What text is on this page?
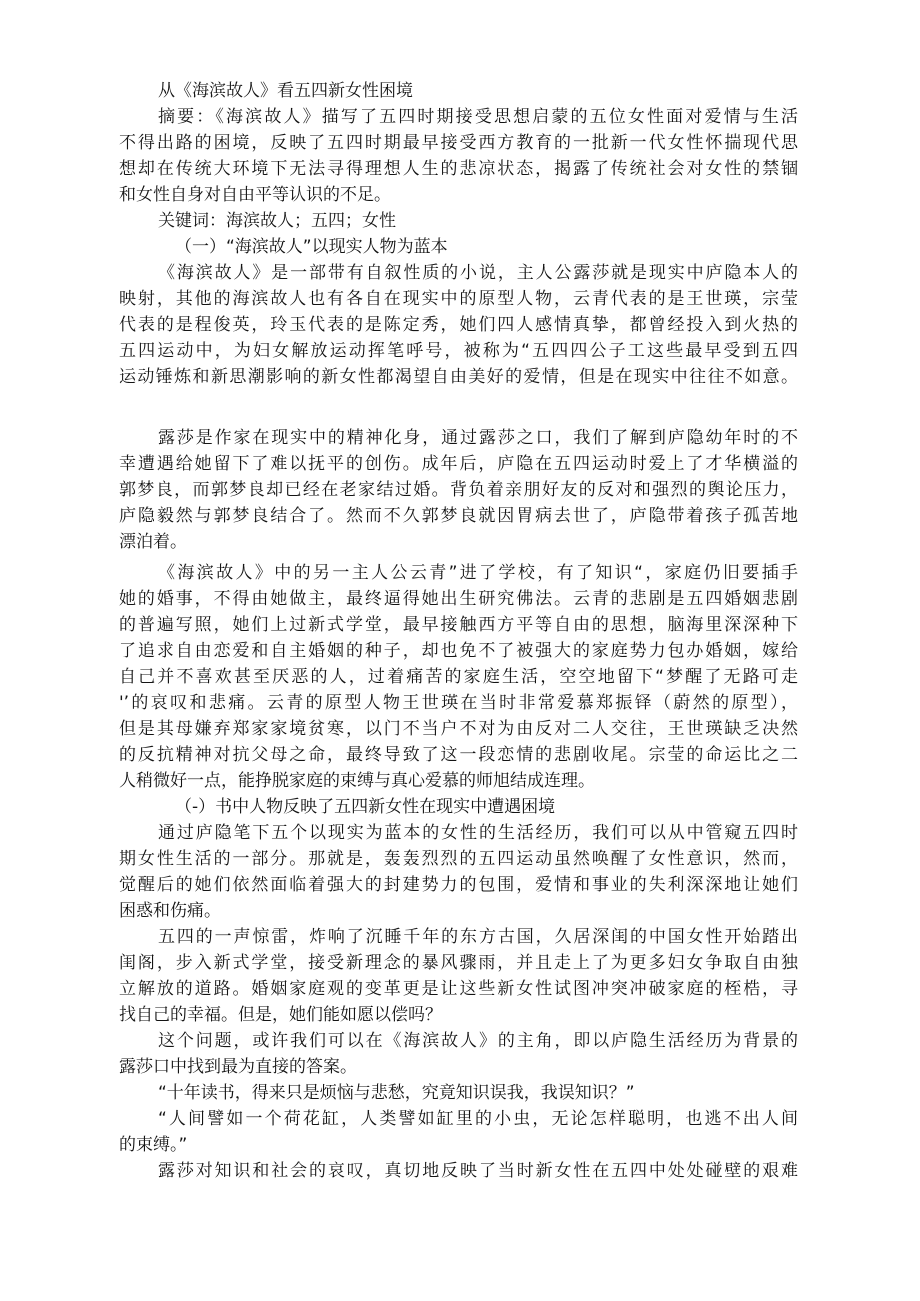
从《海滨故人》看五四新女性困境
摘要：《海滨故人》描写了五四时期接受思想启蒙的五位女性面对爱情与生活
不得出路的困境，反映了五四时期最早接受西方教育的一批新一代女性怀揣现代思
想却在传统大环境下无法寻得理想人生的悲凉状态，揭露了传统社会对女性的禁锢
和女性自身对自由平等认识的不足。
关键词：海滨故人；五四；女性
（一）“海滨故人”以现实人物为蓝本
《海滨故人》是一部带有自叙性质的小说，主人公露莎就是现实中庐隐本人的
映射，其他的海滨故人也有各自在现实中的原型人物，云青代表的是王世瑛，宗莹
代表的是程俊英，玲玉代表的是陈定秀，她们四人感情真挚，都曾经投入到火热的
五四运动中，为妇女解放运动挥笔呼号，被称为“五四四公子工这些最早受到五四
运动锤炼和新思潮影响的新女性都渴望自由美好的爱情，但是在现实中往往不如意。
露莎是作家在现实中的精神化身，通过露莎之口，我们了解到庐隐幼年时的不
幸遭遇给她留下了难以抚平的创伤。成年后，庐隐在五四运动时爱上了才华横溢的
郭梦良，而郭梦良却已经在老家结过婚。背负着亲朋好友的反对和强烈的舆论压力，
庐隐毅然与郭梦良结合了。然而不久郭梦良就因胃病去世了，庐隐带着孩子孤苦地
漂泊着。
《海滨故人》中的另一主人公云青”进了学校，有了知识“，家庭仍旧要插手
她的婚事，不得由她做主，最终逼得她出生研究佛法。云青的悲剧是五四婚姻悲剧
的普遍写照，她们上过新式学堂，最早接触西方平等自由的思想，脑海里深深种下
了追求自由恋爱和自主婚姻的种子，却也免不了被强大的家庭势力包办婚姻，嫁给
自己并不喜欢甚至厌恶的人，过着痛苦的家庭生活，空空地留下“梦醒了无路可走
'’的哀叹和悲痛。云青的原型人物王世瑛在当时非常爱慕郑振铎（蔚然的原型），
但是其母嫌弃郑家家境贫寒，以门不当户不对为由反对二人交往，王世瑛缺乏决然
的反抗精神对抗父母之命，最终导致了这一段恋情的悲剧收尾。宗莹的命运比之二
人稍微好一点，能挣脱家庭的束缚与真心爱慕的师旭结成连理。
（-）书中人物反映了五四新女性在现实中遭遇困境
通过庐隐笔下五个以现实为蓝本的女性的生活经历，我们可以从中管窥五四时
期女性生活的一部分。那就是，轰轰烈烈的五四运动虽然唤醒了女性意识，然而，
觉醒后的她们依然面临着强大的封建势力的包围，爱情和事业的失利深深地让她们
困惑和伤痛。
五四的一声惊雷，炸响了沉睡千年的东方古国，久居深闺的中国女性开始踏出
闺阁，步入新式学堂，接受新理念的暴风骤雨，并且走上了为更多妇女争取自由独
立解放的道路。婚姻家庭观的变革更是让这些新女性试图冲突冲破家庭的桎梏，寻
找自己的幸福。但是，她们能如愿以偿吗？
这个问题，或许我们可以在《海滨故人》的主角，即以庐隐生活经历为背景的
露莎口中找到最为直接的答案。
“十年读书，得来只是烦恼与悲愁，究竟知识误我，我误知识？”
“人间譬如一个荷花缸，人类譬如缸里的小虫，无论怎样聪明，也逃不出人间
的束缚。”
露莎对知识和社会的哀叹，真切地反映了当时新女性在五四中处处碰壁的艰难
